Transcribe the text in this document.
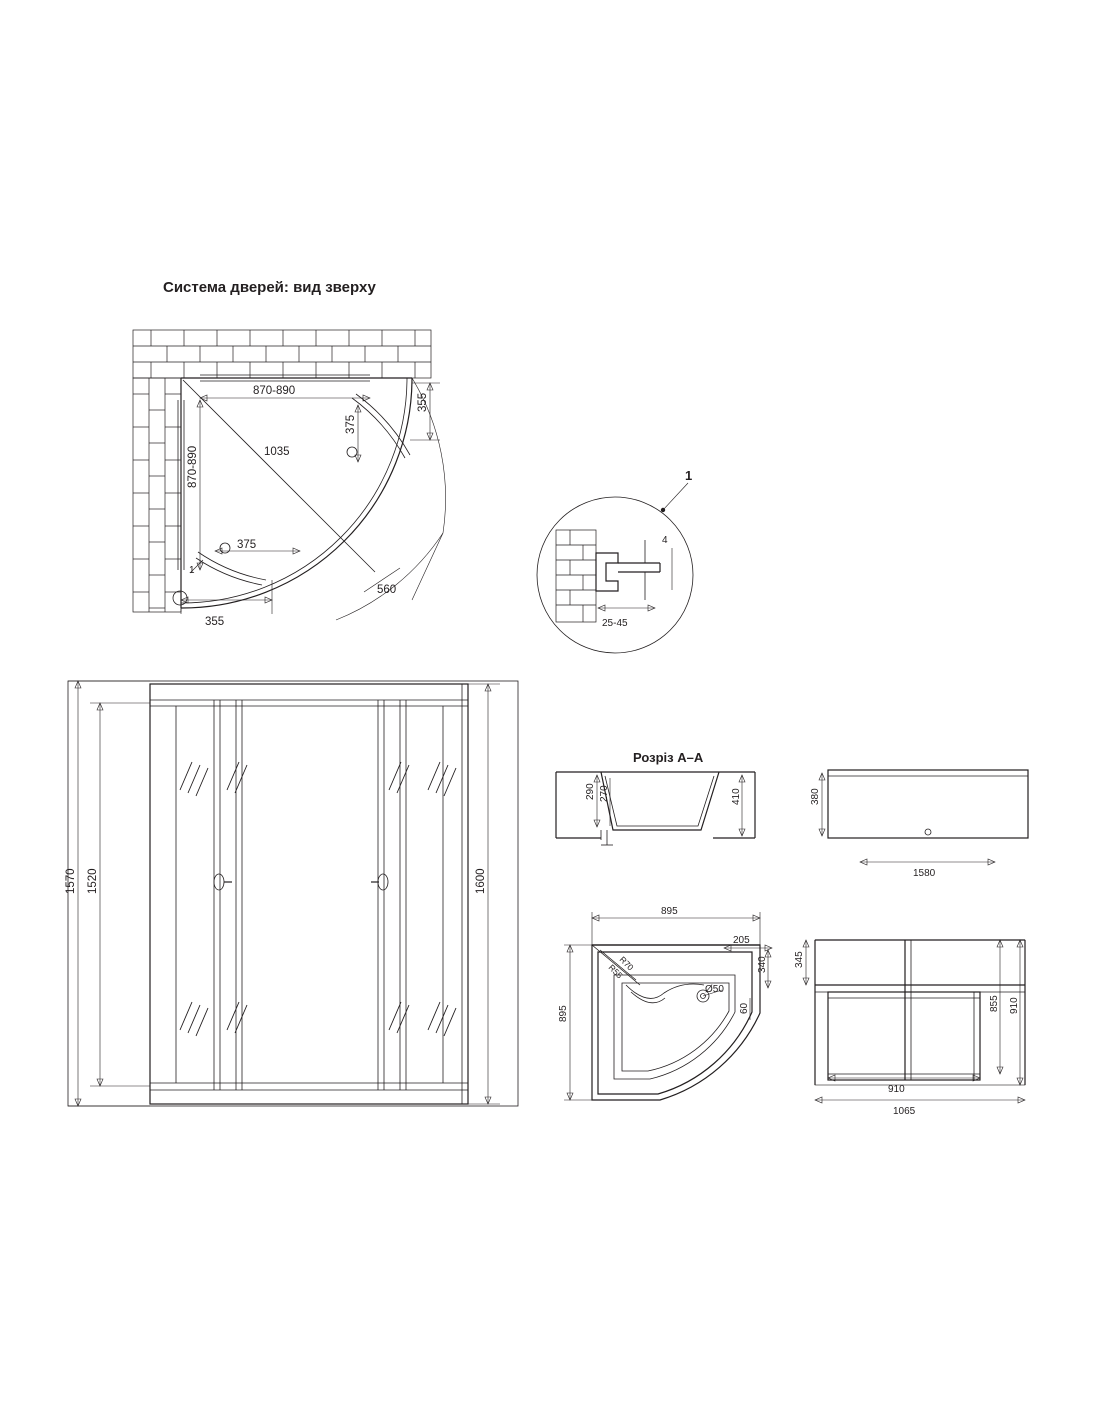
Система дверей: вид зверху
870-890
870-890	1035
355
375
375
355
560
1
1
4
25-45
1570 1520	1600
Розріз А–А
290 270	410	380
1580
Ø50
895
895
205
340
60
R55
R70	345
855 910
910
1065
